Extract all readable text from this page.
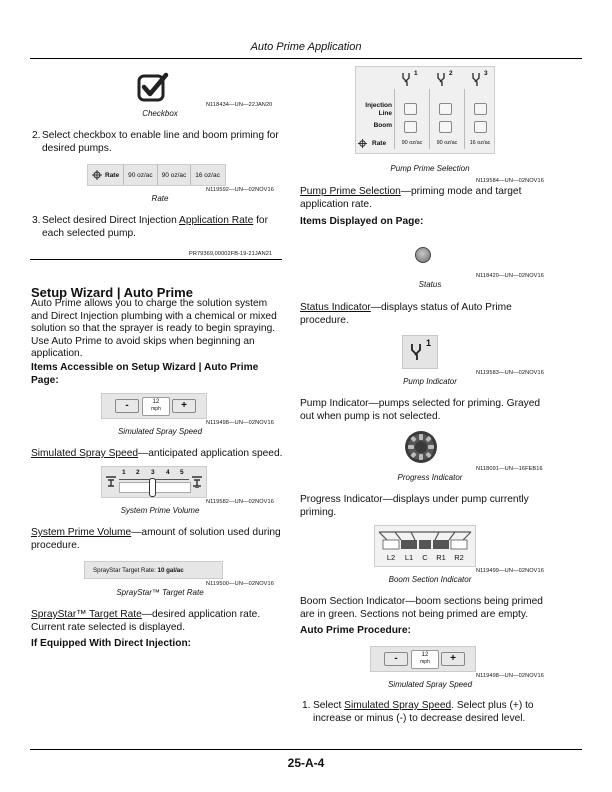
Auto Prime Application
N118434—UN—22JAN20
Checkbox
2. Select checkbox to enable line and boom priming for desired pumps.
Rate	90 oz/ac	90 oz/ac	16 oz/ac
N119592—UN—02NOV16
Rate
3. Select desired Direct Injection Application Rate for each selected pump.
PR79369,00002FB-19-21JAN21
Setup Wizard | Auto Prime
Auto Prime allows you to charge the solution system and Direct Injection plumbing with a chemical or mixed solution so that the sprayer is ready to begin spraying. Use Auto Prime to avoid skips when beginning an application.
Items Accessible on Setup Wizard | Auto Prime Page:
-	12
mph	+
N119498—UN—02NOV16
Simulated Spray Speed
Simulated Spray Speed—anticipated application speed.
1 2 3 4 5
N119582—UN—02NOV16
System Prime Volume
System Prime Volume—amount of solution used during procedure.
SprayStar Target Rate: 10 gal/ac
N119500—UN—02NOV16
SprayStar™ Target Rate
SprayStar™ Target Rate—desired application rate. Current rate selected is displayed.
If Equipped With Direct Injection:
1	2	3
Injection
Line
Boom
Rate	90 oz/ac	90 oz/ac	16 oz/ac
Pump Prime Selection
N119584—UN—02NOV16
Pump Prime Selection—priming mode and target application rate.
Items Displayed on Page:
N118420—UN—02NOV16
Status
Status Indicator—displays status of Auto Prime procedure.
1
N119583—UN—02NOV16
Pump Indicator
Pump Indicator—pumps selected for priming. Grayed out when pump is not selected.
N118091—UN—16FEB16
Progress Indicator
Progress Indicator—displays under pump currently priming.
L2	L1	C	R1	R2
N119499—UN—02NOV16
Boom Section Indicator
Boom Section Indicator—boom sections being primed are in green. Sections not being primed are empty.
Auto Prime Procedure:
-	12
mph	+
N119498—UN—02NOV16
Simulated Spray Speed
1. Select Simulated Spray Speed. Select plus (+) to increase or minus (-) to decrease desired level.
25-A-4
